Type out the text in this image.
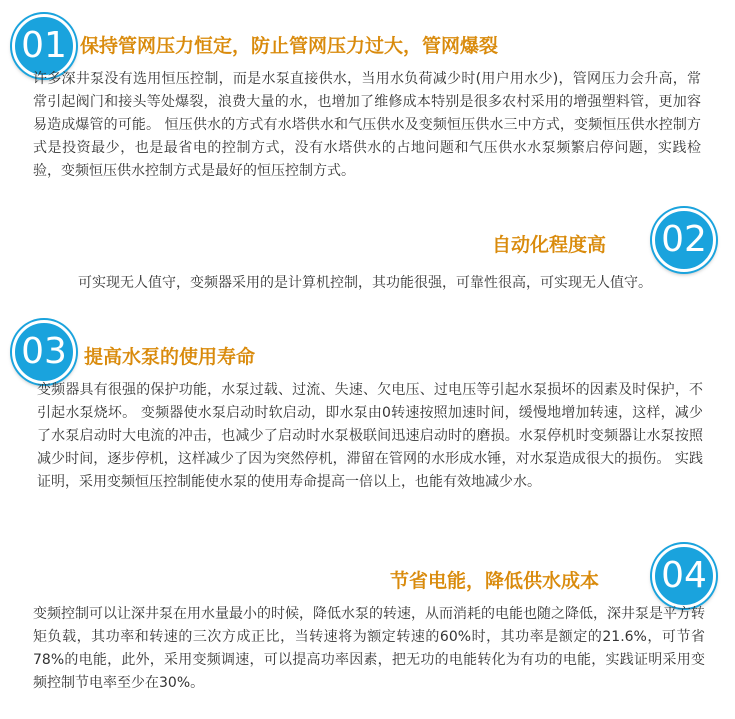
01 保持管网压力恒定，防止管网压力过大，管网爆裂
许多深井泵没有选用恒压控制，而是水泵直接供水，当用水负荷减少时(用户用水少)，管网压力会升高，常常引起阀门和接头等处爆裂，浪费大量的水，也增加了维修成本特别是很多农村采用的增强塑料管，更加容易造成爆管的可能。 恒压供水的方式有水塔供水和气压供水及变频恒压供水三中方式，变频恒压供水控制方式是投资最少，也是最省电的控制方式，没有水塔供水的占地问题和气压供水水泵频繁启停问题，实践检验，变频恒压供水控制方式是最好的恒压控制方式。
自动化程度高 02
可实现无人值守，变频器采用的是计算机控制，其功能很强，可靠性很高，可实现无人值守。
03 提高水泵的使用寿命
变频器具有很强的保护功能，水泵过载、过流、失速、欠电压、过电压等引起水泵损坏的因素及时保护，不引起水泵烧坏。 变频器使水泵启动时软启动，即水泵由0转速按照加速时间，缓慢地增加转速，这样，减少了水泵启动时大电流的冲击，也减少了启动时水泵极联间迅速启动时的磨损。水泵停机时变频器让水泵按照减少时间，逐步停机，这样减少了因为突然停机，滞留在管网的水形成水锤，对水泵造成很大的损伤。 实践证明，采用变频恒压控制能使水泵的使用寿命提高一倍以上，也能有效地减少水。
节省电能，降低供水成本 04
变频控制可以让深井泵在用水量最小的时候，降低水泵的转速，从而消耗的电能也随之降低，深井泵是平方转矩负载，其功率和转速的三次方成正比，当转速将为额定转速的60%时，其功率是额定的21.6%，可节省78%的电能，此外，采用变频调速，可以提高功率因素，把无功的电能转化为有功的电能，实践证明采用变频控制节电率至少在30%。
